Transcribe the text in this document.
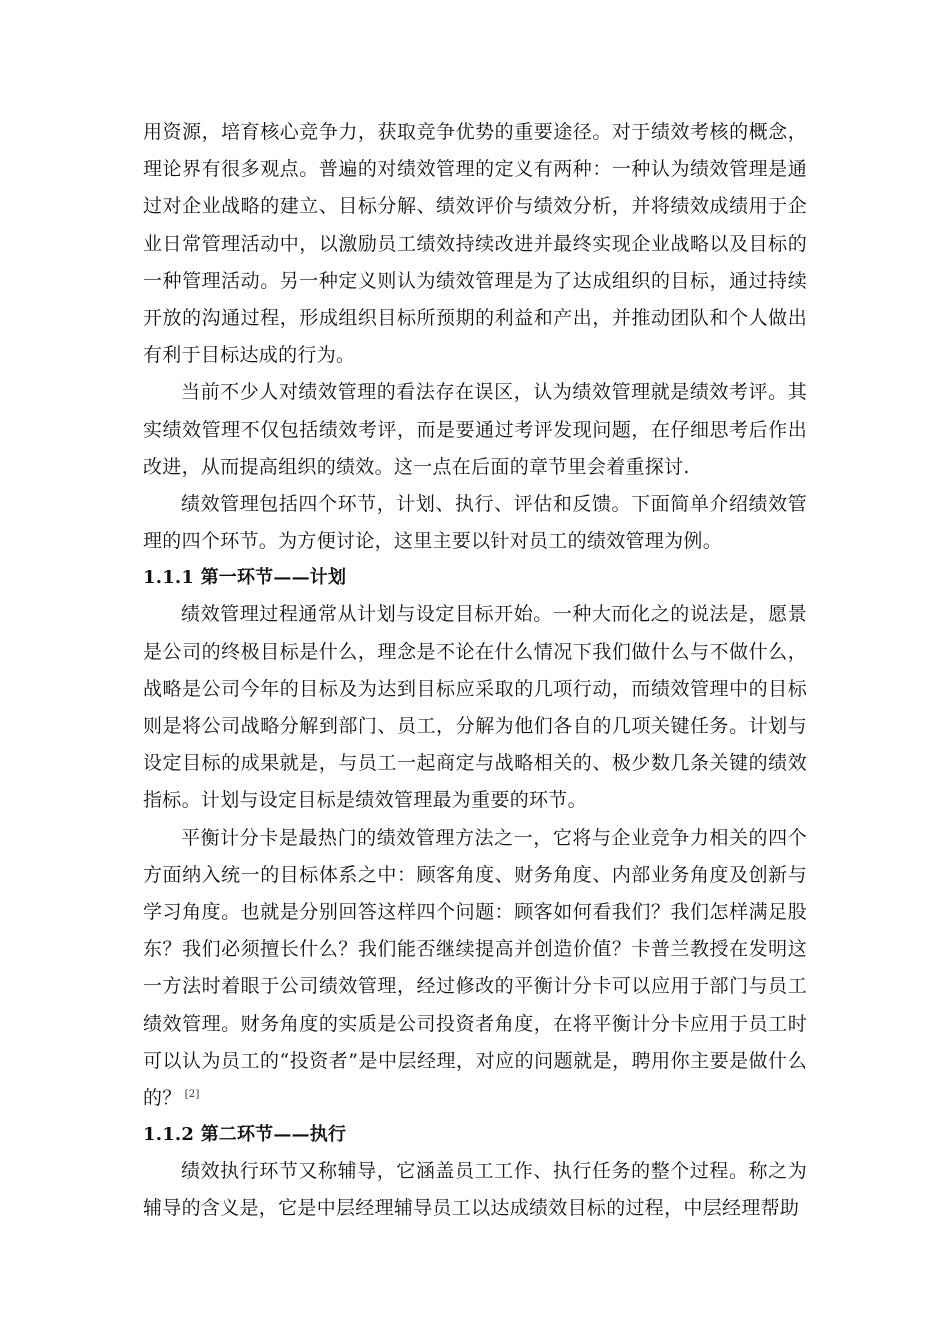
用资源，培育核心竞争力，获取竞争优势的重要途径。对于绩效考核的概念，理论界有很多观点。普遍的对绩效管理的定义有两种：一种认为绩效管理是通过对企业战略的建立、目标分解、绩效评价与绩效分析，并将绩效成绩用于企业日常管理活动中，以激励员工绩效持续改进并最终实现企业战略以及目标的一种管理活动。另一种定义则认为绩效管理是为了达成组织的目标，通过持续开放的沟通过程，形成组织目标所预期的利益和产出，并推动团队和个人做出有利于目标达成的行为。

当前不少人对绩效管理的看法存在误区，认为绩效管理就是绩效考评。其实绩效管理不仅包括绩效考评，而是要通过考评发现问题，在仔细思考后作出改进，从而提高组织的绩效。这一点在后面的章节里会着重探讨.

绩效管理包括四个环节，计划、执行、评估和反馈。下面简单介绍绩效管理的四个环节。为方便讨论，这里主要以针对员工的绩效管理为例。

1.1.1 第一环节——计划

绩效管理过程通常从计划与设定目标开始。一种大而化之的说法是，愿景是公司的终极目标是什么，理念是不论在什么情况下我们做什么与不做什么，战略是公司今年的目标及为达到目标应采取的几项行动，而绩效管理中的目标则是将公司战略分解到部门、员工，分解为他们各自的几项关键任务。计划与设定目标的成果就是，与员工一起商定与战略相关的、极少数几条关键的绩效指标。计划与设定目标是绩效管理最为重要的环节。

平衡计分卡是最热门的绩效管理方法之一，它将与企业竞争力相关的四个方面纳入统一的目标体系之中：顾客角度、财务角度、内部业务角度及创新与学习角度。也就是分别回答这样四个问题：顾客如何看我们？我们怎样满足股东？我们必须擅长什么？我们能否继续提高并创造价值？卡普兰教授在发明这一方法时着眼于公司绩效管理，经过修改的平衡计分卡可以应用于部门与员工绩效管理。财务角度的实质是公司投资者角度，在将平衡计分卡应用于员工时可以认为员工的“投资者”是中层经理，对应的问题就是，聘用你主要是做什么的？ [2]

1.1.2 第二环节——执行

绩效执行环节又称辅导，它涵盖员工工作、执行任务的整个过程。称之为辅导的含义是，它是中层经理辅导员工以达成绩效目标的过程，中层经理帮助
